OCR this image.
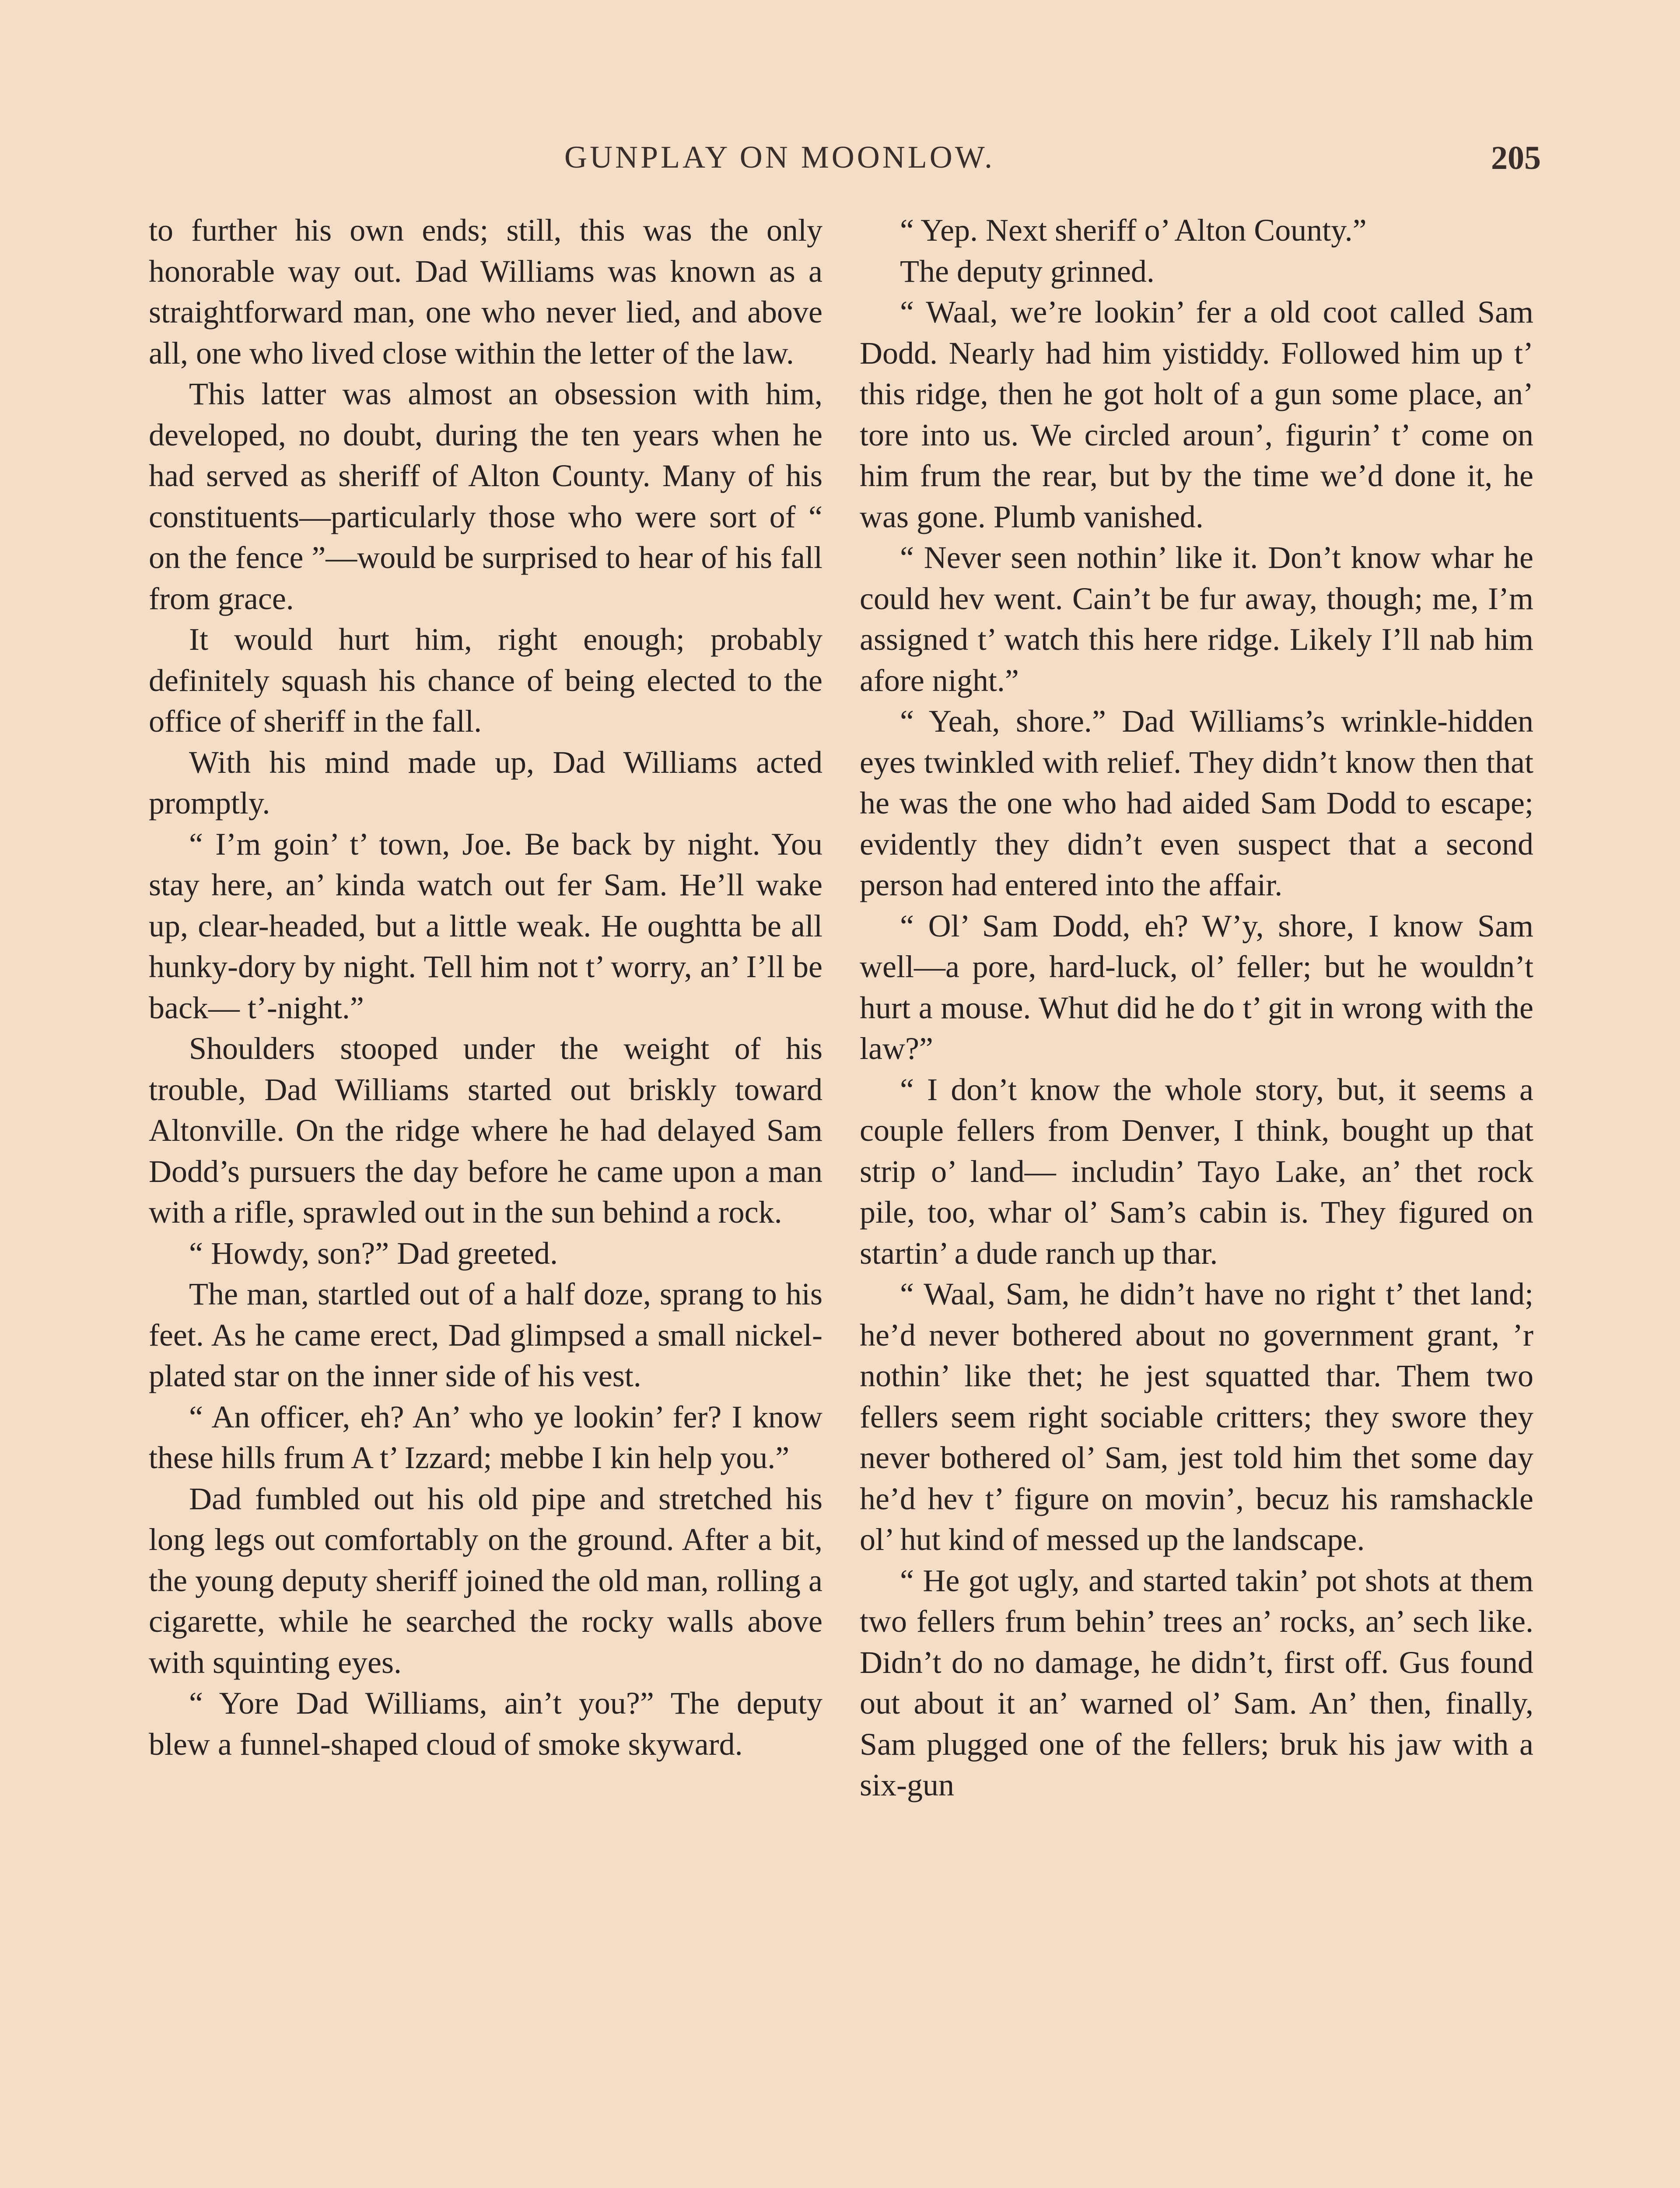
GUNPLAY ON MOONLOW.	205

to further his own ends; still, this was the only honorable way out. Dad Williams was known as a straightforward man, one who never lied, and above all, one who lived close within the letter of the law.

This latter was almost an obsession with him, developed, no doubt, during the ten years when he had served as sheriff of Alton County. Many of his constituents—particularly those who were sort of “ on the fence ”—would be surprised to hear of his fall from grace.

It would hurt him, right enough; probably definitely squash his chance of being elected to the office of sheriff in the fall.

With his mind made up, Dad Williams acted promptly.

“ I’m goin’ t’ town, Joe. Be back by night. You stay here, an’ kinda watch out fer Sam. He’ll wake up, clear-headed, but a little weak. He oughtta be all hunky-dory by night. Tell him not t’ worry, an’ I’ll be back— t’-night.”

Shoulders stooped under the weight of his trouble, Dad Williams started out briskly toward Altonville. On the ridge where he had delayed Sam Dodd’s pursuers the day before he came upon a man with a rifle, sprawled out in the sun behind a rock.

“ Howdy, son?” Dad greeted.

The man, startled out of a half doze, sprang to his feet. As he came erect, Dad glimpsed a small nickel-plated star on the inner side of his vest.

“ An officer, eh? An’ who ye lookin’ fer? I know these hills frum A t’ Izzard; mebbe I kin help you.”

Dad fumbled out his old pipe and stretched his long legs out comfortably on the ground. After a bit, the young deputy sheriff joined the old man, rolling a cigarette, while he searched the rocky walls above with squinting eyes.

“ Yore Dad Williams, ain’t you?” The deputy blew a funnel-shaped cloud of smoke skyward.

“ Yep. Next sheriff o’ Alton County.”

The deputy grinned.

“ Waal, we’re lookin’ fer a old coot called Sam Dodd. Nearly had him yistiddy. Followed him up t’ this ridge, then he got holt of a gun some place, an’ tore into us. We circled aroun’, figurin’ t’ come on him frum the rear, but by the time we’d done it, he was gone. Plumb vanished.

“ Never seen nothin’ like it. Don’t know whar he could hev went. Cain’t be fur away, though; me, I’m assigned t’ watch this here ridge. Likely I’ll nab him afore night.”

“ Yeah, shore.” Dad Williams’s wrinkle-hidden eyes twinkled with relief. They didn’t know then that he was the one who had aided Sam Dodd to escape; evidently they didn’t even suspect that a second person had entered into the affair.

“ Ol’ Sam Dodd, eh? W’y, shore, I know Sam well—a pore, hard-luck, ol’ feller; but he wouldn’t hurt a mouse. Whut did he do t’ git in wrong with the law?”

“ I don’t know the whole story, but, it seems a couple fellers from Denver, I think, bought up that strip o’ land— includin’ Tayo Lake, an’ thet rock pile, too, whar ol’ Sam’s cabin is. They figured on startin’ a dude ranch up thar.

“ Waal, Sam, he didn’t have no right t’ thet land; he’d never bothered about no government grant, ’r nothin’ like thet; he jest squatted thar. Them two fellers seem right sociable critters; they swore they never bothered ol’ Sam, jest told him thet some day he’d hev t’ figure on movin’, becuz his ramshackle ol’ hut kind of messed up the landscape.

“ He got ugly, and started takin’ pot shots at them two fellers frum behin’ trees an’ rocks, an’ sech like. Didn’t do no damage, he didn’t, first off. Gus found out about it an’ warned ol’ Sam. An’ then, finally, Sam plugged one of the fellers; bruk his jaw with a six-gun
